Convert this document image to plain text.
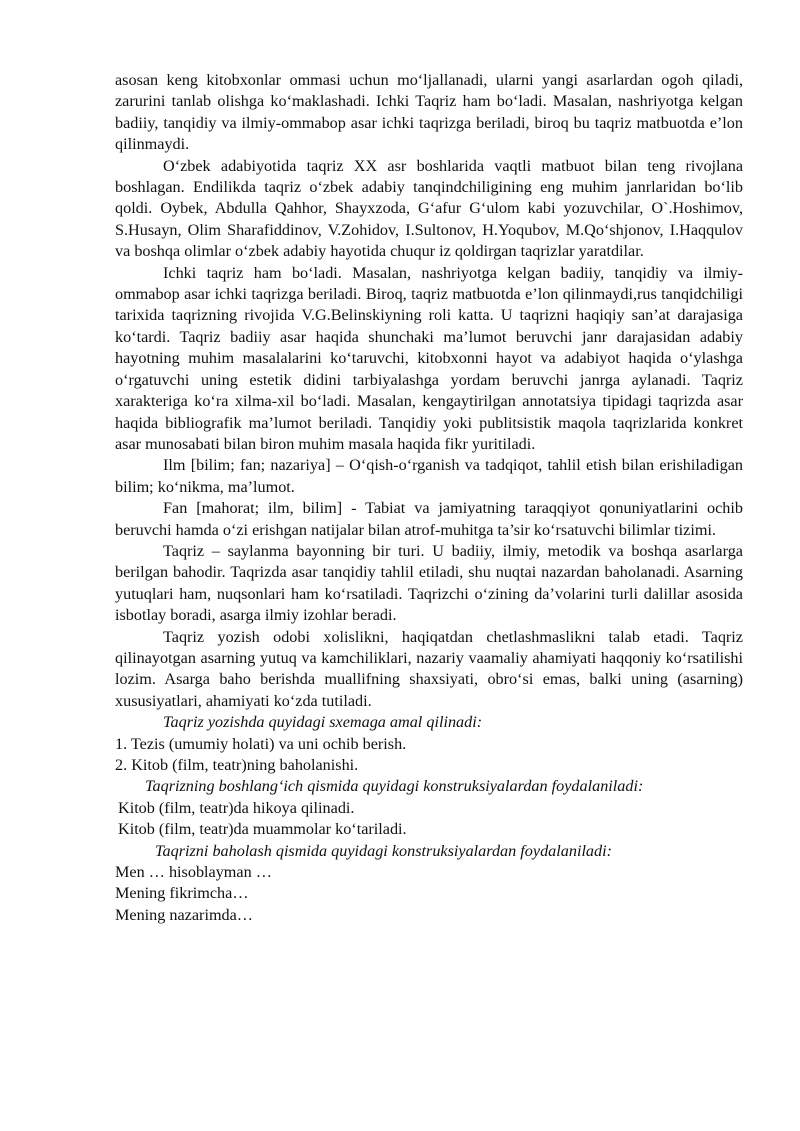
asosan keng kitobxonlar ommasi uchun moʻljallanadi, ularni yangi asarlardan ogoh qiladi, zarurini tanlab olishga koʻmaklashadi. Ichki Taqriz ham boʻladi. Masalan, nashriyotga kelgan badiiy, tanqidiy va ilmiy-ommabop asar ichki taqrizga beriladi, biroq bu taqriz matbuotda e’lon qilinmaydi.

Oʻzbek adabiyotida taqriz XX asr boshlarida vaqtli matbuot bilan teng rivojlana boshlagan. Endilikda taqriz oʻzbek adabiy tanqindchiligining eng muhim janrlaridan boʻlib qoldi. Oybek, Abdulla Qahhor, Shayxzoda, Gʻafur Gʻulom kabi yozuvchilar, O`.Hoshimov, S.Husayn, Olim Sharafiddinov, V.Zohidov, I.Sultonov, H.Yoqubov, M.Qoʻshjonov, I.Haqqulov va boshqa olimlar oʻzbek adabiy hayotida chuqur iz qoldirgan taqrizlar yaratdilar.

Ichki taqriz ham boʻladi. Masalan, nashriyotga kelgan badiiy, tanqidiy va ilmiy-ommabop asar ichki taqrizga beriladi. Biroq, taqriz matbuotda e’lon qilinmaydi,rus tanqidchiligi tarixida taqrizning rivojida V.G.Belinskiyning roli katta. U taqrizni haqiqiy san’at darajasiga koʻtardi. Taqriz badiiy asar haqida shunchaki ma’lumot beruvchi janr darajasidan adabiy hayotning muhim masalalarini koʻtaruvchi, kitobxonni hayot va adabiyot haqida oʻylashga oʻrgatuvchi uning estetik didini tarbiyalashga yordam beruvchi janrga aylanadi. Taqriz xarakteriga koʻra xilma-xil boʻladi. Masalan, kengaytirilgan annotatsiya tipidagi taqrizda asar haqida bibliografik ma’lumot beriladi. Tanqidiy yoki publitsistik maqola taqrizlarida konkret asar munosabati bilan biron muhim masala haqida fikr yuritiladi.

Ilm [bilim; fan; nazariya] – Oʻqish-oʻrganish va tadqiqot, tahlil etish bilan erishiladigan bilim; koʻnikma, ma’lumot.

Fan [mahorat; ilm, bilim] - Tabiat va jamiyatning taraqqiyot qonuniyatlarini ochib beruvchi hamda oʻzi erishgan natijalar bilan atrof-muhitga ta’sir koʻrsatuvchi bilimlar tizimi.

Taqriz – saylanma bayonning bir turi. U badiiy, ilmiy, metodik va boshqa asarlarga berilgan bahodir. Taqrizda asar tanqidiy tahlil etiladi, shu nuqtai nazardan baholanadi. Asarning yutuqlari ham, nuqsonlari ham koʻrsatiladi. Taqrizchi oʻzining da’volarini turli dalillar asosida isbotlay boradi, asarga ilmiy izohlar beradi.

Taqriz yozish odobi xolislikni, haqiqatdan chetlashmaslikni talab etadi. Taqriz qilinayotgan asarning yutuq va kamchiliklari, nazariy vaamaliy ahamiyati haqqoniy koʻrsatilishi lozim. Asarga baho berishda muallifning shaxsiyati, obroʻsi emas, balki uning (asarning) xususiyatlari, ahamiyati koʻzda tutiladi.

Taqriz yozishda quyidagi sxemaga amal qilinadi:

1. Tezis (umumiy holati) va uni ochib berish.

2. Kitob (film, teatr)ning baholanishi.

Taqrizning boshlangʻich qismida quyidagi konstruksiyalardan foydalaniladi:

Kitob (film, teatr)da hikoya qilinadi.

Kitob (film, teatr)da muammolar koʻtariladi.

Taqrizni baholash qismida quyidagi konstruksiyalardan foydalaniladi:

Men … hisoblayman …

Mening fikrimcha…

Mening nazarimda…
